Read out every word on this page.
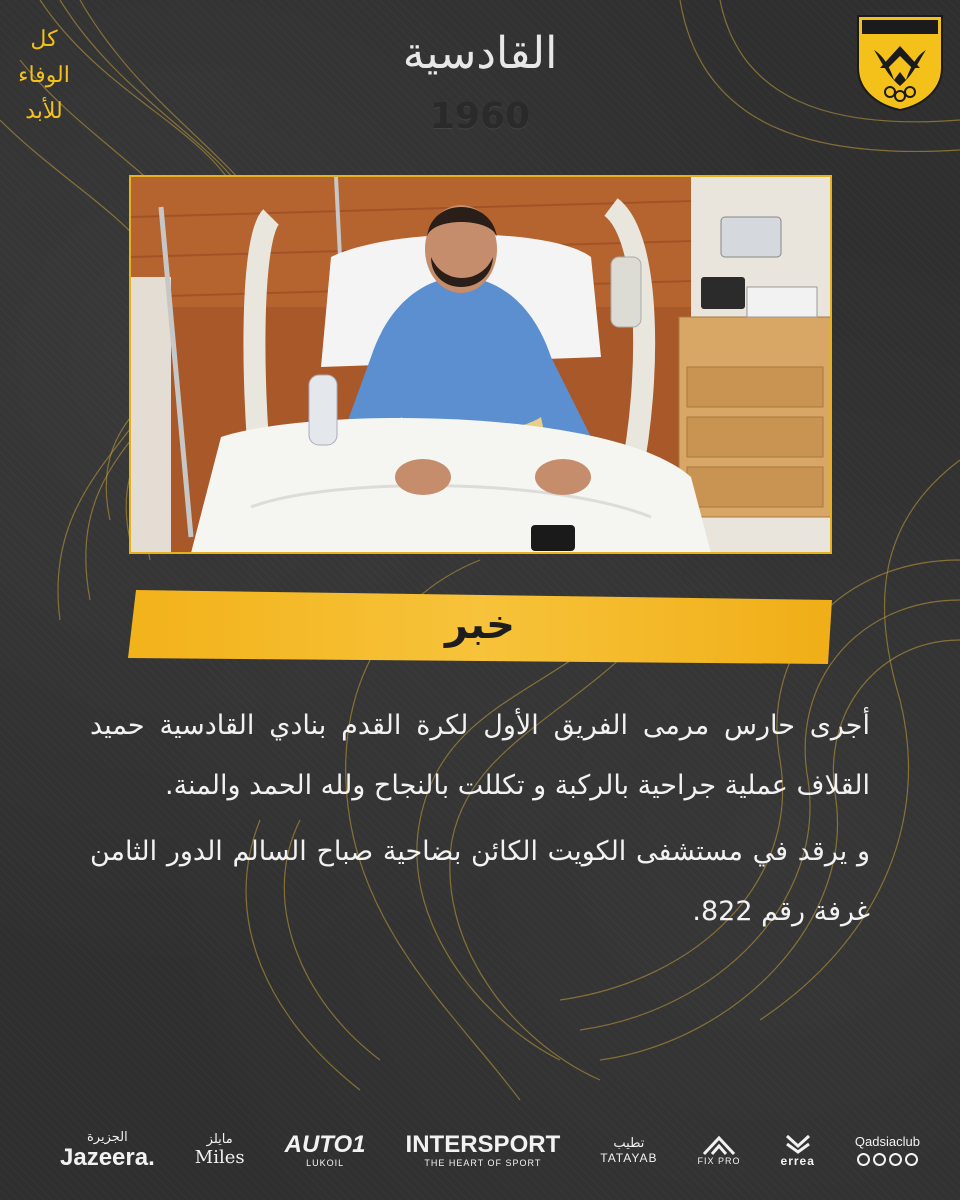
كل
الوفاء
للأبد
القادسية
1960
خبر

أجرى حارس مرمى الفريق الأول لكرة القدم بنادي القادسية حميد القلاف عملية جراحية بالركبة و تكللت بالنجاح ولله الحمد والمنة.

و يرقد في مستشفى الكويت الكائن بضاحية صباح السالم الدور الثامن غرفة رقم 822.

الجزيرة
Jazeera.
مايلز
Miles AUTO1
LUKOIL
INTERSPORT
THE HEART OF SPORT
تطيب
TATAYAB	FIX PRO	errea
Qadsiaclub
